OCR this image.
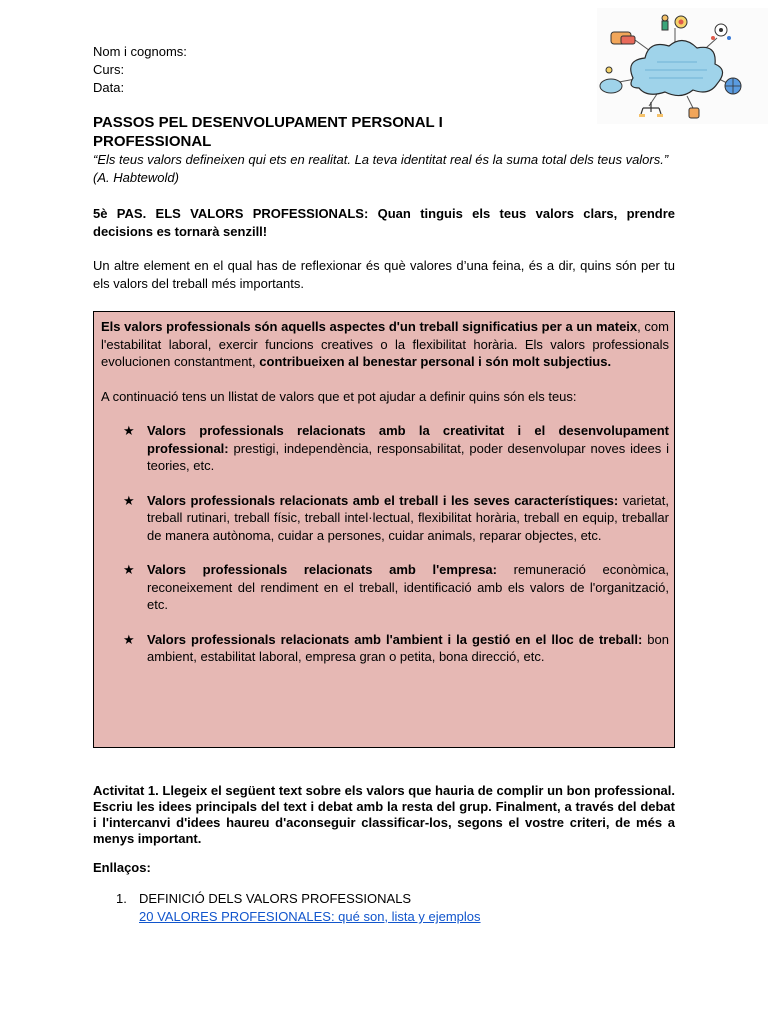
Nom i cognoms:
Curs:
Data:
PASSOS PEL DESENVOLUPAMENT PERSONAL I PROFESSIONAL
“Els teus valors defineixen qui ets en realitat. La teva identitat real és la suma total dels teus valors.” (A. Habtewold)
5è PAS. ELS VALORS PROFESSIONALS: Quan tinguis els teus valors clars, prendre decisions es tornarà senzill!
Un altre element en el qual has de reflexionar és què valores d’una feina, és a dir, quins són per tu els valors del treball més importants.
Els valors professionals són aquells aspectes d'un treball significatius per a un mateix, com l'estabilitat laboral, exercir funcions creatives o la flexibilitat horària. Els valors professionals evolucionen constantment, contribueixen al benestar personal i són molt subjectius.
A continuació tens un llistat de valors que et pot ajudar a definir quins són els teus:
★ Valors professionals relacionats amb la creativitat i el desenvolupament professional: prestigi, independència, responsabilitat, poder desenvolupar noves idees i teories, etc.
★ Valors professionals relacionats amb el treball i les seves característiques: varietat, treball rutinari, treball físic, treball intel·lectual, flexibilitat horària, treball en equip, treballar de manera autònoma, cuidar a persones, cuidar animals, reparar objectes, etc.
★ Valors professionals relacionats amb l'empresa: remuneració econòmica, reconeixement del rendiment en el treball, identificació amb els valors de l'organització, etc.
★ Valors professionals relacionats amb l'ambient i la gestió en el lloc de treball: bon ambient, estabilitat laboral, empresa gran o petita, bona direcció, etc.
Activitat 1. Llegeix el següent text sobre els valors que hauria de complir un bon professional. Escriu les idees principals del text i debat amb la resta del grup. Finalment, a través del debat i l'intercanvi d'idees haureu d'aconseguir classificar-los, segons el vostre criteri, de més a menys important.
Enllaços:
1. DEFINICIÓ DELS VALORS PROFESSIONALS
20 VALORES PROFESIONALES: qué son, lista y ejemplos
